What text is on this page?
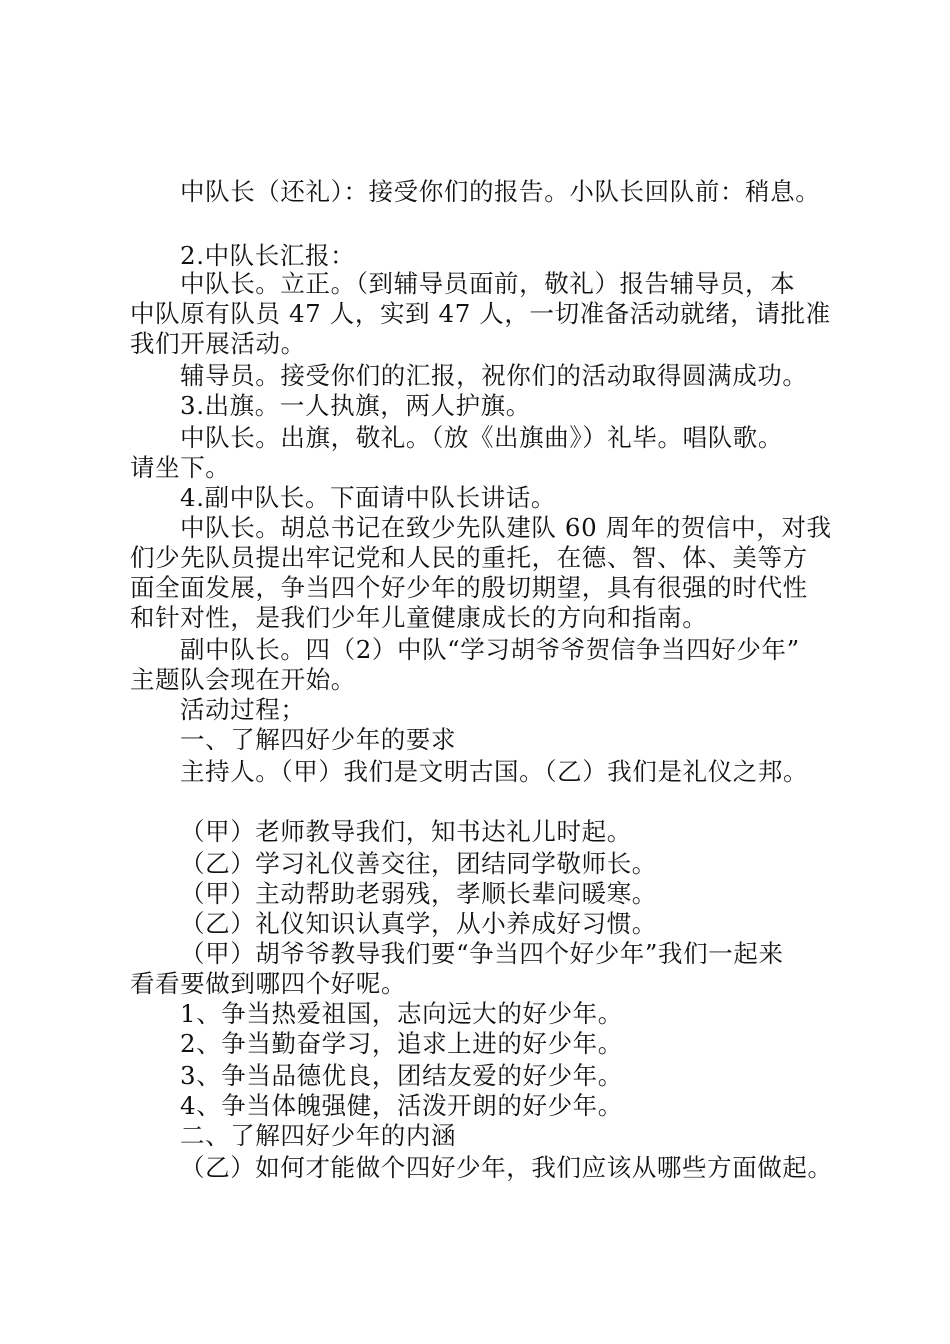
中队长（还礼）：接受你们的报告。小队长回队前：稍息。
2.中队长汇报：
中队长。立正。（到辅导员面前，敬礼）报告辅导员，本
中队原有队员 47 人，实到 47 人，一切准备活动就绪，请批准
我们开展活动。
辅导员。接受你们的汇报，祝你们的活动取得圆满成功。
3.出旗。一人执旗，两人护旗。
中队长。出旗，敬礼。（放《出旗曲》）礼毕。唱队歌。
请坐下。
4.副中队长。下面请中队长讲话。
中队长。胡总书记在致少先队建队 60 周年的贺信中，对我
们少先队员提出牢记党和人民的重托，在德、智、体、美等方
面全面发展，争当四个好少年的殷切期望，具有很强的时代性
和针对性，是我们少年儿童健康成长的方向和指南。
副中队长。四（2）中队“学习胡爷爷贺信争当四好少年”
主题队会现在开始。
活动过程；
一、了解四好少年的要求
主持人。（甲）我们是文明古国。（乙）我们是礼仪之邦。
（甲）老师教导我们，知书达礼儿时起。
（乙）学习礼仪善交往，团结同学敬师长。
（甲）主动帮助老弱残，孝顺长辈问暖寒。
（乙）礼仪知识认真学，从小养成好习惯。
（甲）胡爷爷教导我们要“争当四个好少年”我们一起来
看看要做到哪四个好呢。
1、争当热爱祖国，志向远大的好少年。
2、争当勤奋学习，追求上进的好少年。
3、争当品德优良，团结友爱的好少年。
4、争当体魄强健，活泼开朗的好少年。
二、了解四好少年的内涵
（乙）如何才能做个四好少年，我们应该从哪些方面做起。
